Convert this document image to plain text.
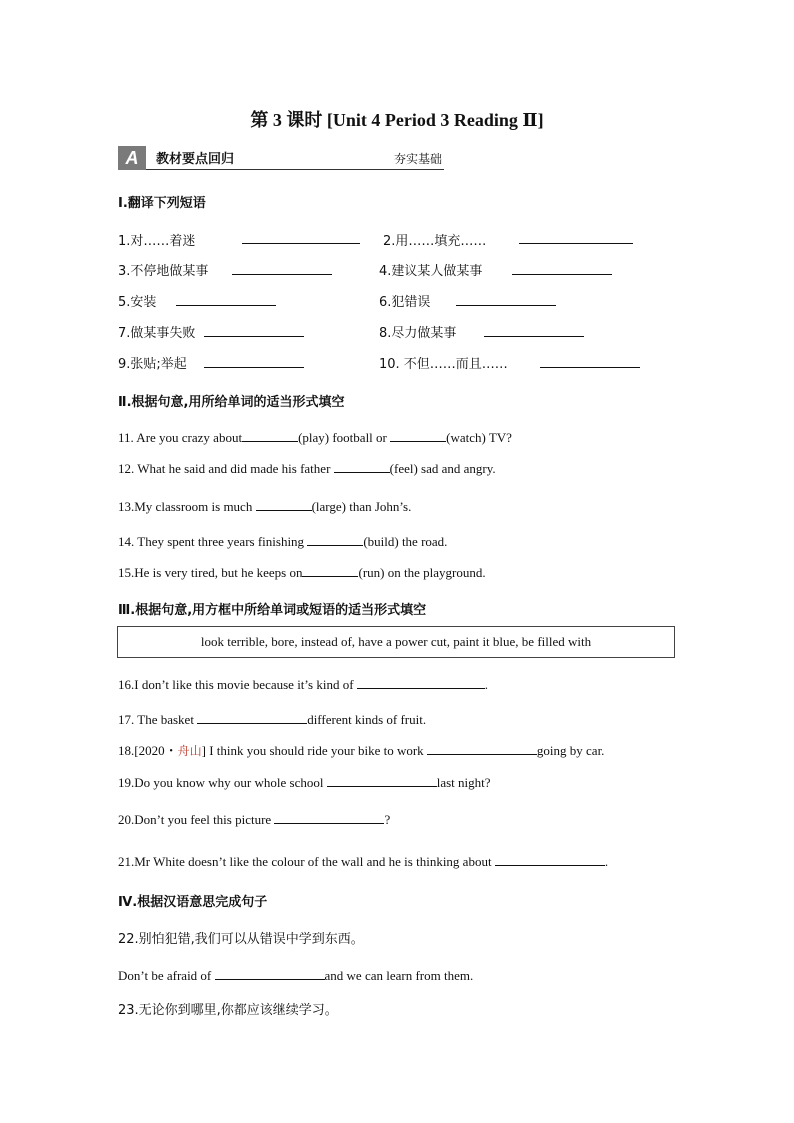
第 3 课时 [Unit 4 Period 3 Reading Ⅱ]
A	教材要点回归	夯实基础
Ⅰ.翻译下列短语
1.对……着迷	2.用……填充……
3.不停地做某事	4.建议某人做某事
5.安装	6.犯错误
7.做某事失败	8.尽力做某事
9.张贴;举起	10. 不但……而且……
Ⅱ.根据句意,用所给单词的适当形式填空
11. Are you crazy about	(play) football or	(watch) TV?
12. What he said and did made his father	(feel) sad and angry.
13.My classroom is much	(large) than John’s.
14. They spent three years finishing	(build) the road.
15.He is very tired, but he keeps on	(run) on the playground.
Ⅲ.根据句意,用方框中所给单词或短语的适当形式填空
look terrible, bore, instead of, have a power cut, paint it blue, be filled with
16.I don’t like this movie because it’s kind of	.
17. The basket	different kinds of fruit.
18.[2020・舟山] I think you should ride your bike to work	going by car.
19.Do you know why our whole school	last night?
20.Don’t you feel this picture	?
21.Mr White doesn’t like the colour of the wall and he is thinking about	.
Ⅳ.根据汉语意思完成句子
22.别怕犯错,我们可以从错误中学到东西。
Don’t be afraid of	and we can learn from them.
23.无论你到哪里,你都应该继续学习。
